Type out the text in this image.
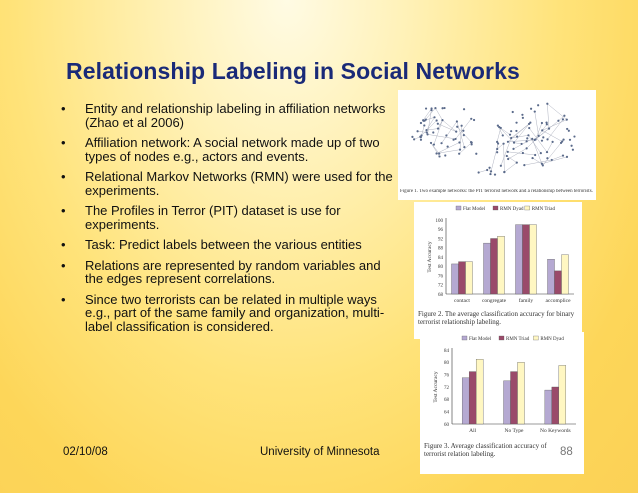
Relationship Labeling in Social Networks
• Entity and relationship labeling in affiliation networks (Zhao et al 2006)
• Affiliation network: A social network made up of two types of nodes e.g., actors and events.
• Relational Markov Networks (RMN) were used for the experiments.
• The Profiles in Terror (PIT) dataset is use for experiments.
• Task: Predict labels between the various entities
• Relations are represented by random variables and the edges represent correlations.
• Since two terrorists can be related in multiple ways e.g., part of the same family and organization, multi-label classification is considered.
Figure 1. Two example networks: the PIT terrorist network and a relationship between terrorists.
Flat Model	RMN Dyad RMN Triad
68
72
76
80
84
88
92
96
100
Test Accuracy
contact congregate family accomplice
Figure 2. The average classification accuracy for binary terrorist relationship labeling.
Flat Model	RMN Triad RMN Dyad
60
64
68
72
76
80
84
Test Accuracy
All	No Type	No Keywords
Figure 3. Average classification accuracy of terrorist relation labeling.
02/10/08	University of Minnesota	88
